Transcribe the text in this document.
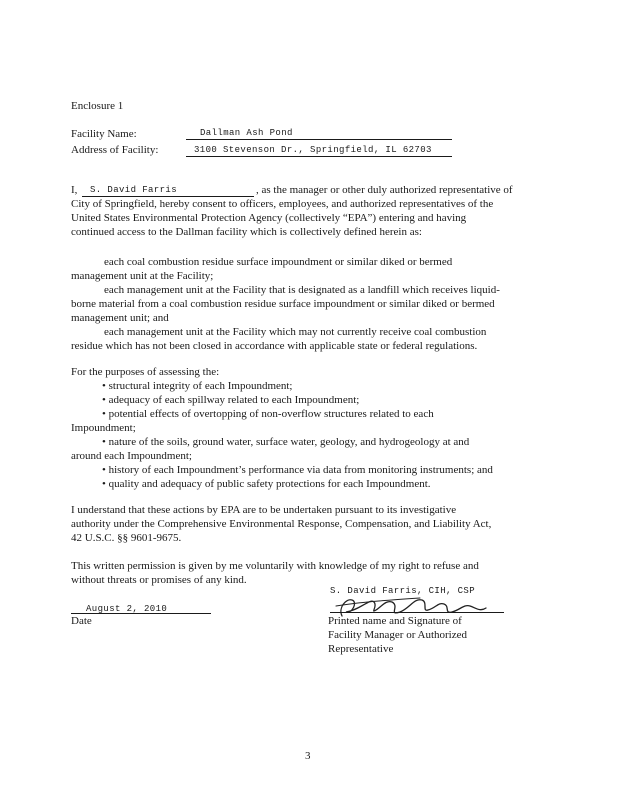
Enclosure 1
Facility Name:	Dallman Ash Pond
Address of Facility:	3100 Stevenson Dr., Springfield, IL 62703
I, S. David Farris	, as the manager or other duly authorized representative of
City of Springfield, hereby consent to officers, employees, and authorized representatives of the
United States Environmental Protection Agency (collectively “EPA”) entering and having
continued access to the Dallman facility which is collectively defined herein as:
each coal combustion residue surface impoundment or similar diked or bermed
management unit at the Facility;
each management unit at the Facility that is designated as a landfill which receives liquid-
borne material from a coal combustion residue surface impoundment or similar diked or bermed
management unit; and
each management unit at the Facility which may not currently receive coal combustion
residue which has not been closed in accordance with applicable state or federal regulations.
For the purposes of assessing the:
• structural integrity of each Impoundment;
• adequacy of each spillway related to each Impoundment;
• potential effects of overtopping of non-overflow structures related to each
Impoundment;
• nature of the soils, ground water, surface water, geology, and hydrogeology at and
around each Impoundment;
• history of each Impoundment’s performance via data from monitoring instruments; and
• quality and adequacy of public safety protections for each Impoundment.
I understand that these actions by EPA are to be undertaken pursuant to its investigative
authority under the Comprehensive Environmental Response, Compensation, and Liability Act,
42 U.S.C. §§ 9601-9675.
This written permission is given by me voluntarily with knowledge of my right to refuse and
without threats or promises of any kind.
S. David Farris, CIH, CSP
August 2, 2010
Date	Printed name and Signature of
Facility Manager or Authorized
Representative
3
